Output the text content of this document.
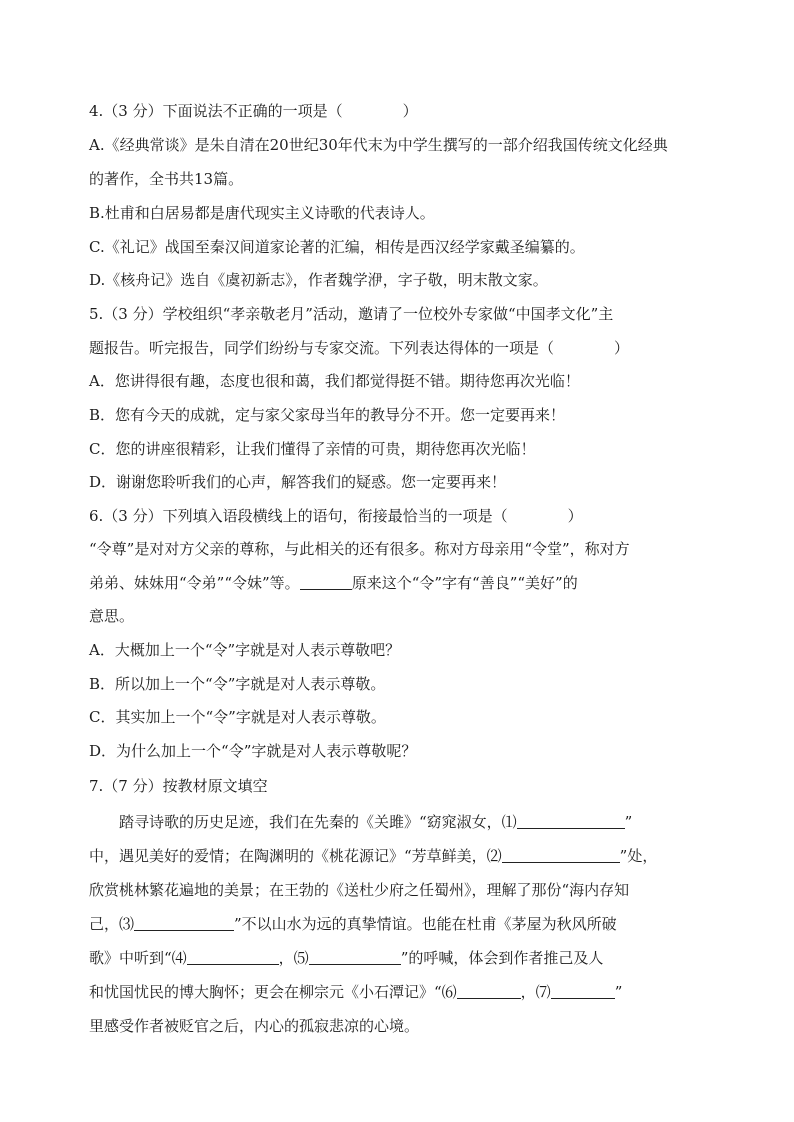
4.（3 分）下面说法不正确的一项是（　　　　）
A.《经典常谈》是朱自清在20世纪30年代末为中学生撰写的一部介绍我国传统文化经典
的著作，全书共13篇。
B.杜甫和白居易都是唐代现实主义诗歌的代表诗人。
C.《礼记》战国至秦汉间道家论著的汇编，相传是西汉经学家戴圣编纂的。
D.《核舟记》选自《虞初新志》，作者魏学洢，字子敬，明末散文家。
5.（3 分）学校组织“孝亲敬老月”活动，邀请了一位校外专家做“中国孝文化”主
题报告。听完报告，同学们纷纷与专家交流。下列表达得体的一项是（　　　　）
A．您讲得很有趣，态度也很和蔼，我们都觉得挺不错。期待您再次光临！
B．您有今天的成就，定与家父家母当年的教导分不开。您一定要再来！
C．您的讲座很精彩，让我们懂得了亲情的可贵，期待您再次光临！
D．谢谢您聆听我们的心声，解答我们的疑惑。您一定要再来！
6.（3 分）下列填入语段横线上的语句，衔接最恰当的一项是（　　　　）
“令尊”是对对方父亲的尊称，与此相关的还有很多。称对方母亲用“令堂”，称对方
弟弟、妹妹用“令弟”“令妹”等。	原来这个“令”字有“善良”“美好”的
意思。
A．大概加上一个“令”字就是对人表示尊敬吧？
B．所以加上一个“令”字就是对人表示尊敬。
C．其实加上一个“令”字就是对人表示尊敬。
D．为什么加上一个“令”字就是对人表示尊敬呢？
7.（7 分）按教材原文填空
踏寻诗歌的历史足迹，我们在先秦的《关雎》“窈窕淑女，⑴	”
中，遇见美好的爱情；在陶渊明的《桃花源记》“芳草鲜美，⑵	”处，
欣赏桃林繁花遍地的美景；在王勃的《送杜少府之任蜀州》，理解了那份“海内存知
己，⑶	”不以山水为远的真挚情谊。也能在杜甫《茅屋为秋风所破
歌》中听到“⑷	，⑸	”的呼喊，体会到作者推己及人
和忧国忧民的博大胸怀；更会在柳宗元《小石潭记》“⑹	，⑺	”
里感受作者被贬官之后，内心的孤寂悲凉的心境。
